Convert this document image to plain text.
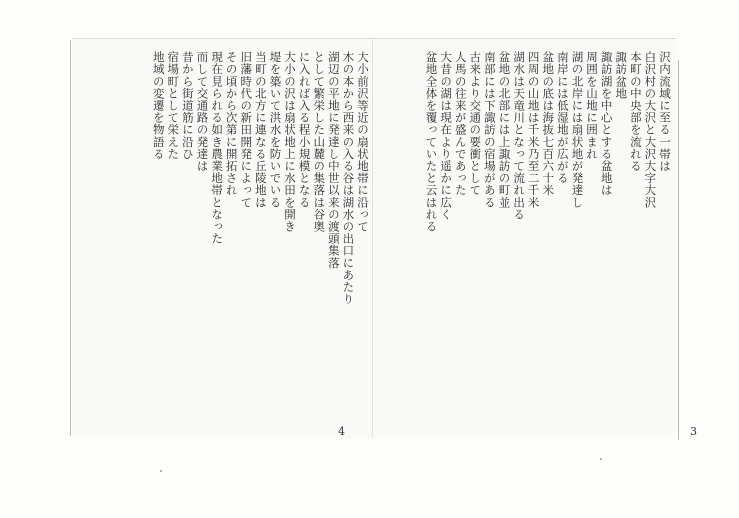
大小前沢等近の扇状地帯に沿って
木の本から西来の入る谷は湖水の出口にあたり
湖辺の平地に発達し中世以来の渡頭集落
として繁栄した山麓の集落は谷奥
に入れば入る程小規模となる
大小の沢は扇状地上に水田を開き
堤を築いて洪水を防いでいる
当町の北方に連なる丘陵地は
旧藩時代の新田開発によって
その頃から次第に開拓され
現在見られる如き農業地帯となった
而して交通路の発達は
昔から街道筋に沿ひ
宿場町として栄えた
地域の変遷を物語る
4
沢内流域に至る一帯は
白沢村の大沢と大沢大字大沢
本町の中央部を流れる
諏訪盆地
諏訪湖を中心とする盆地は
周囲を山地に囲まれ
湖の北岸には扇状地が発達し
南岸には低湿地が広がる
盆地の底は海抜七百六十米
四周の山地は千米乃至二千米
湖水は天竜川となって流れ出る
盆地の北部には上諏訪の町並
南部には下諏訪の宿場がある
古来より交通の要衝として
人馬の往来が盛んであった
大昔の湖は現在より遥かに広く
盆地全体を覆っていたと云はれる
3
